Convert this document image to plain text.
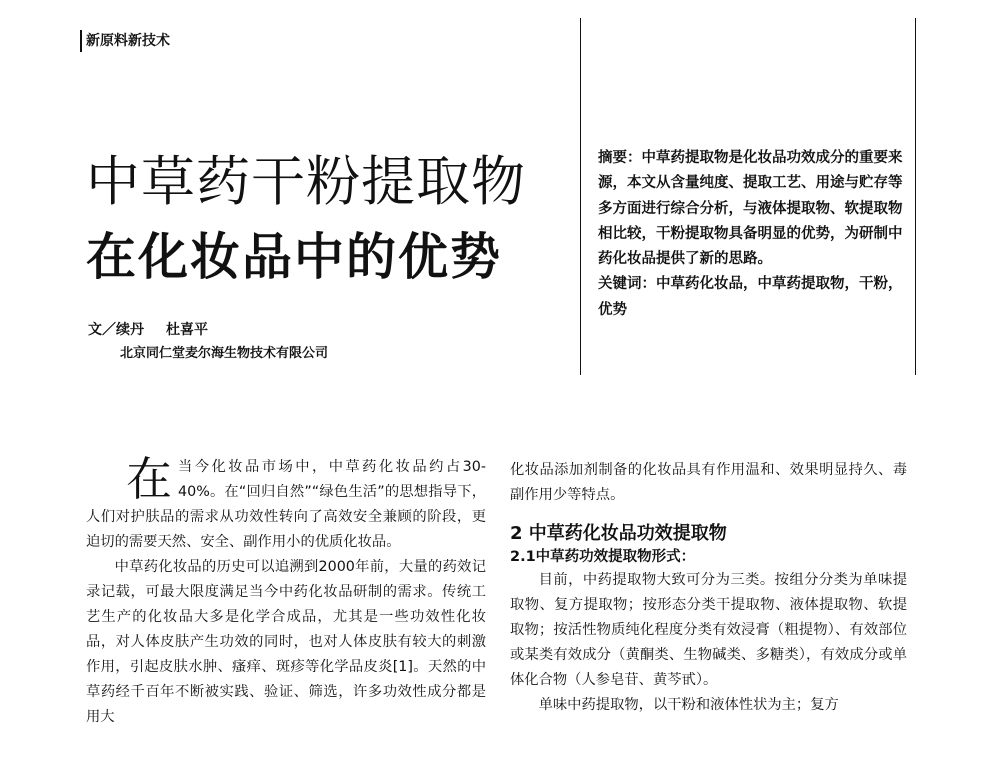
新原料新技术
中草药干粉提取物
在化妆品中的优势
文／续丹 杜喜平
北京同仁堂麦尔海生物技术有限公司

摘要：中草药提取物是化妆品功效成分的重要来源，本文从含量纯度、提取工艺、用途与贮存等多方面进行综合分析，与液体提取物、软提取物相比较，干粉提取物具备明显的优势，为研制中药化妆品提供了新的思路。

关键词：中草药化妆品，中草药提取物，干粉，优势

在当今化妆品市场中，中草药化妆品约占30-40%。在“回归自然”“绿色生活”的思想指导下，人们对护肤品的需求从功效性转向了高效安全兼顾的阶段，更迫切的需要天然、安全、副作用小的优质化妆品。

中草药化妆品的历史可以追溯到2000年前，大量的药效记录记载，可最大限度满足当今中药化妆品研制的需求。传统工艺生产的化妆品大多是化学合成品，尤其是一些功效性化妆品，对人体皮肤产生功效的同时，也对人体皮肤有较大的刺激作用，引起皮肤水肿、瘙痒、斑疹等化学品皮炎[1]。天然的中草药经千百年不断被实践、验证、筛选，许多功效性成分都是用大

化妆品添加剂制备的化妆品具有作用温和、效果明显持久、毒副作用少等特点。

2 中草药化妆品功效提取物

2.1中草药功效提取物形式：

目前，中药提取物大致可分为三类。按组分分类为单味提取物、复方提取物；按形态分类干提取物、液体提取物、软提取物；按活性物质纯化程度分类有效浸膏（粗提物）、有效部位或某类有效成分（黄酮类、生物碱类、多糖类），有效成分或单体化合物（人参皂苷、黄芩甙）。

单味中药提取物，以干粉和液体性状为主；复方
